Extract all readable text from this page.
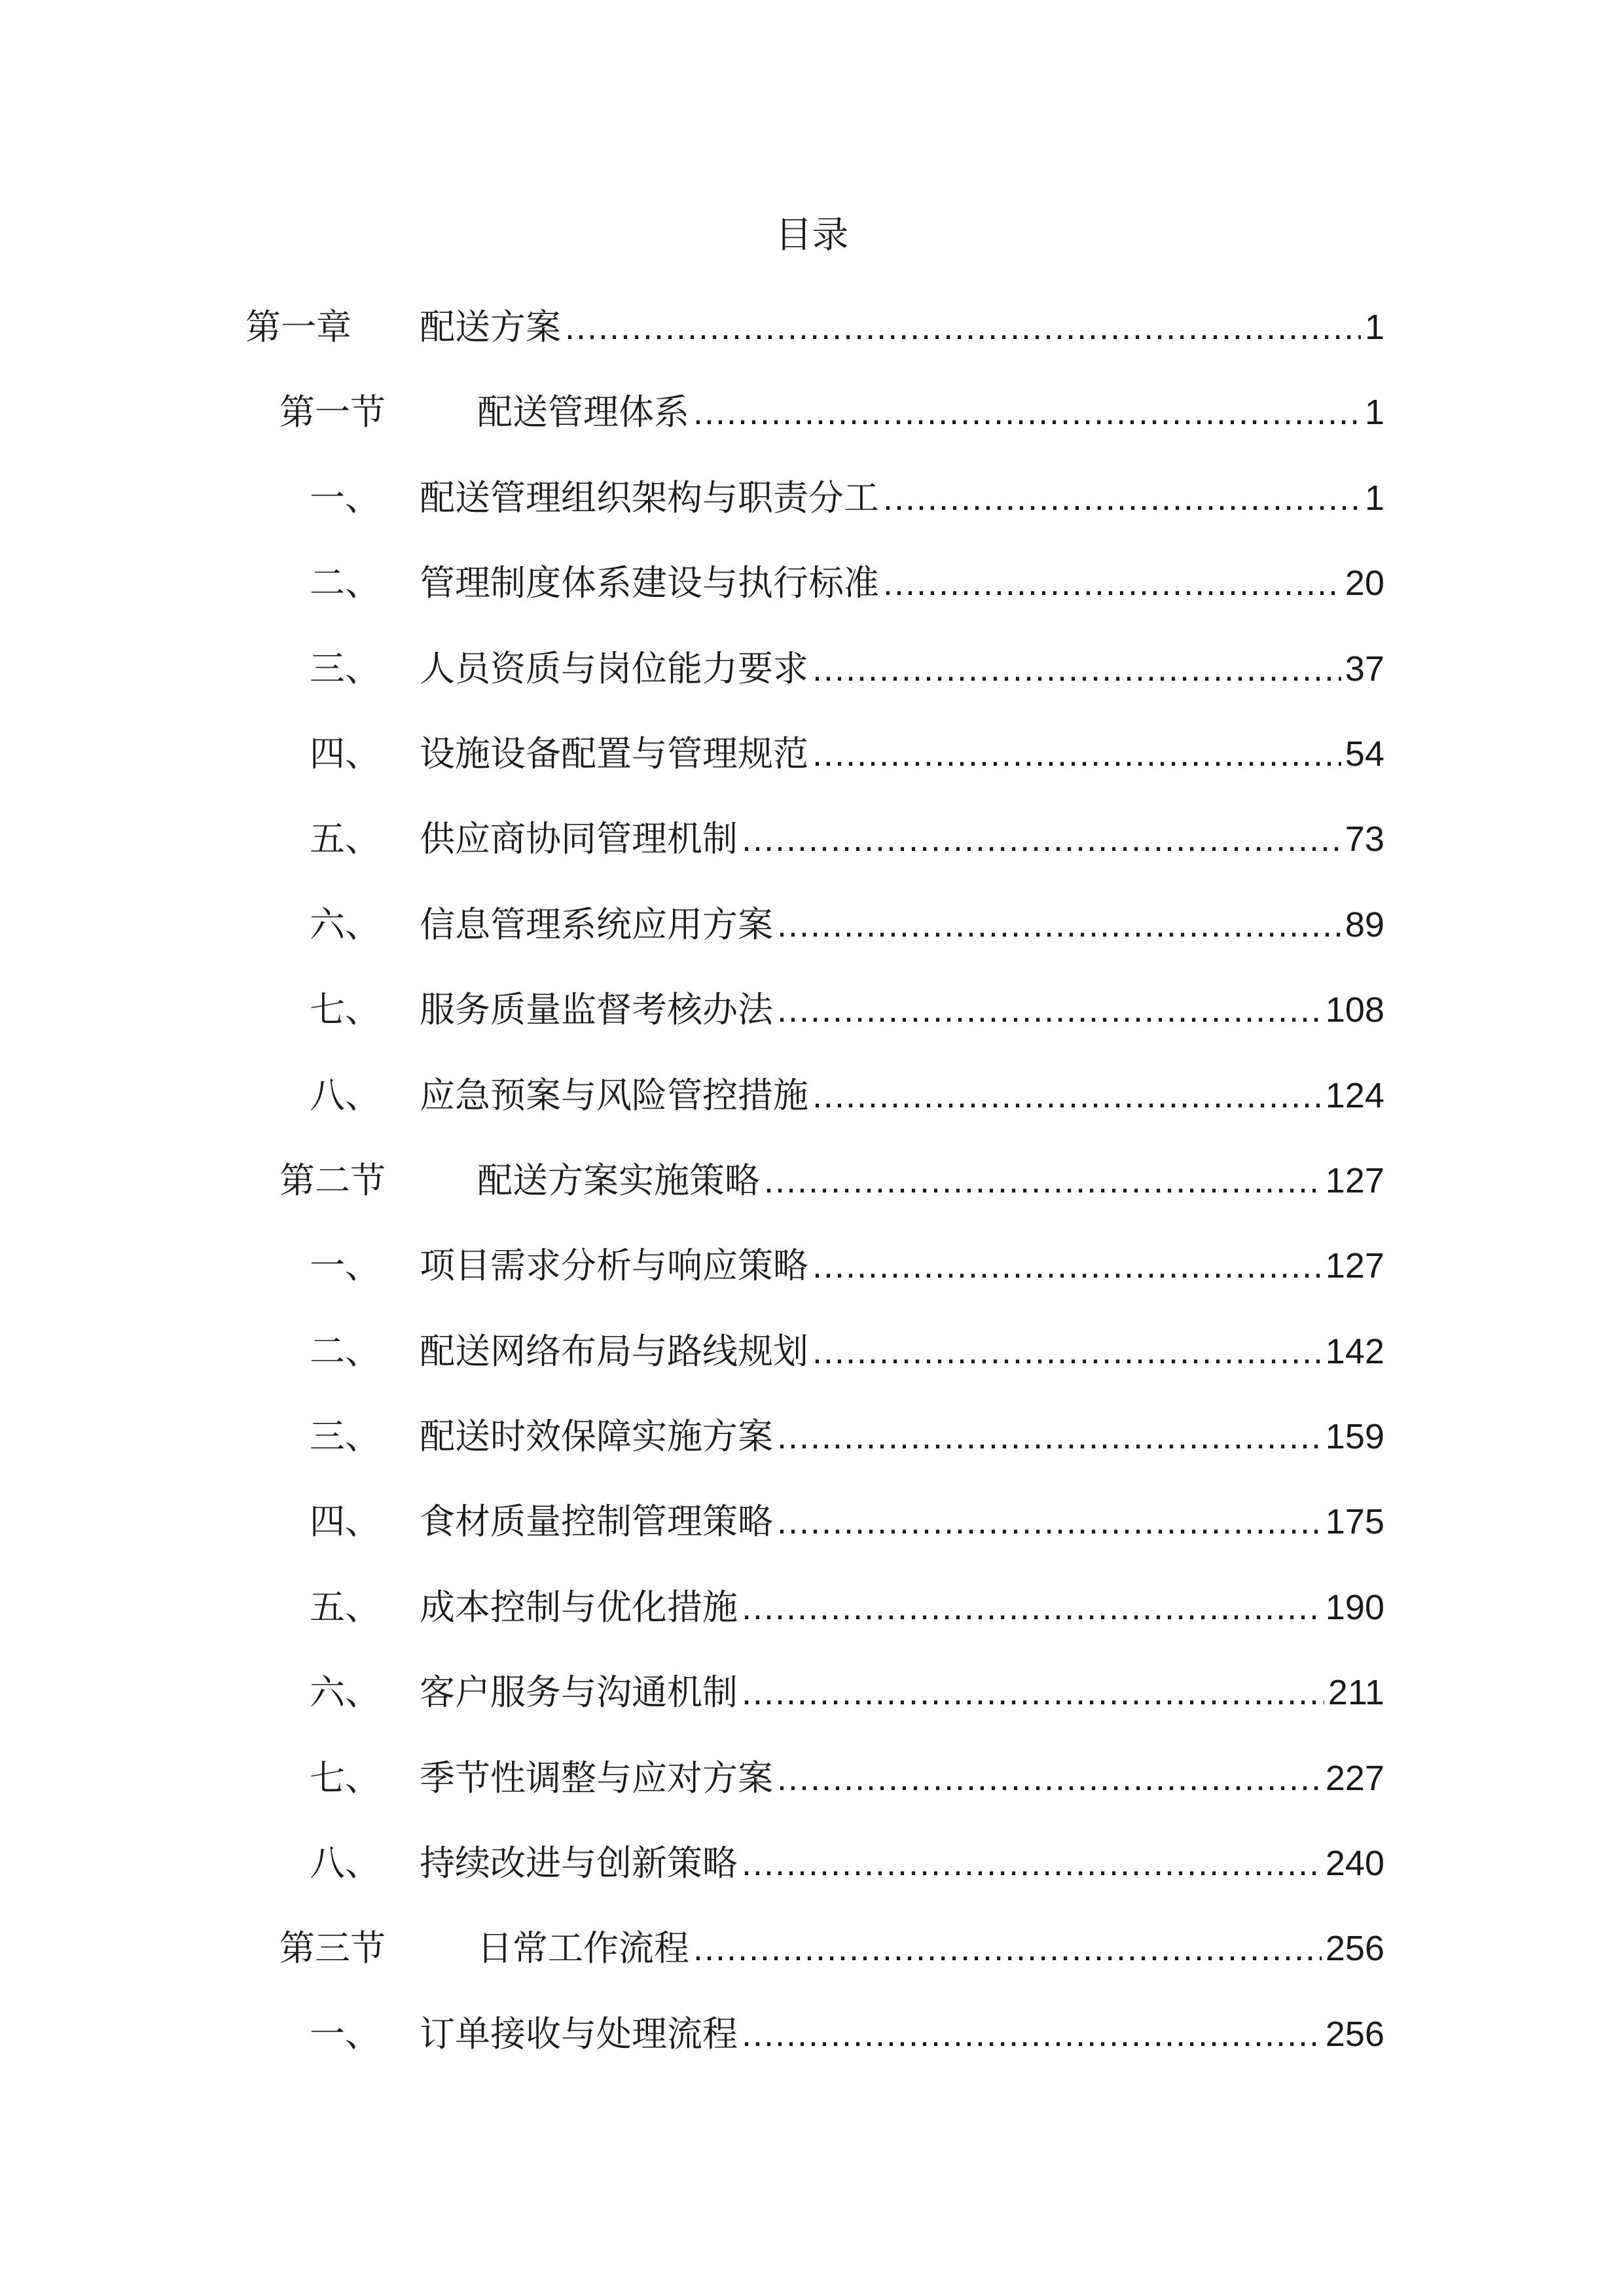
目录
第一章	配送方案 .....	1
第一节	配送管理体系 .....	1
一、	配送管理组织架构与职责分工 .....	1
二、	管理制度体系建设与执行标准 .....	20
三、	人员资质与岗位能力要求 .....	37
四、	设施设备配置与管理规范 .....	54
五、	供应商协同管理机制 .....	73
六、	信息管理系统应用方案 .....	89
七、	服务质量监督考核办法 .....	108
八、	应急预案与风险管控措施 .....	124
第二节	配送方案实施策略 .....	127
一、	项目需求分析与响应策略 .....	127
二、	配送网络布局与路线规划 .....	142
三、	配送时效保障实施方案 .....	159
四、	食材质量控制管理策略 .....	175
五、	成本控制与优化措施 .....	190
六、	客户服务与沟通机制 .....	211
七、	季节性调整与应对方案 .....	227
八、	持续改进与创新策略 .....	240
第三节	日常工作流程 .....	256
一、	订单接收与处理流程 .....	256
